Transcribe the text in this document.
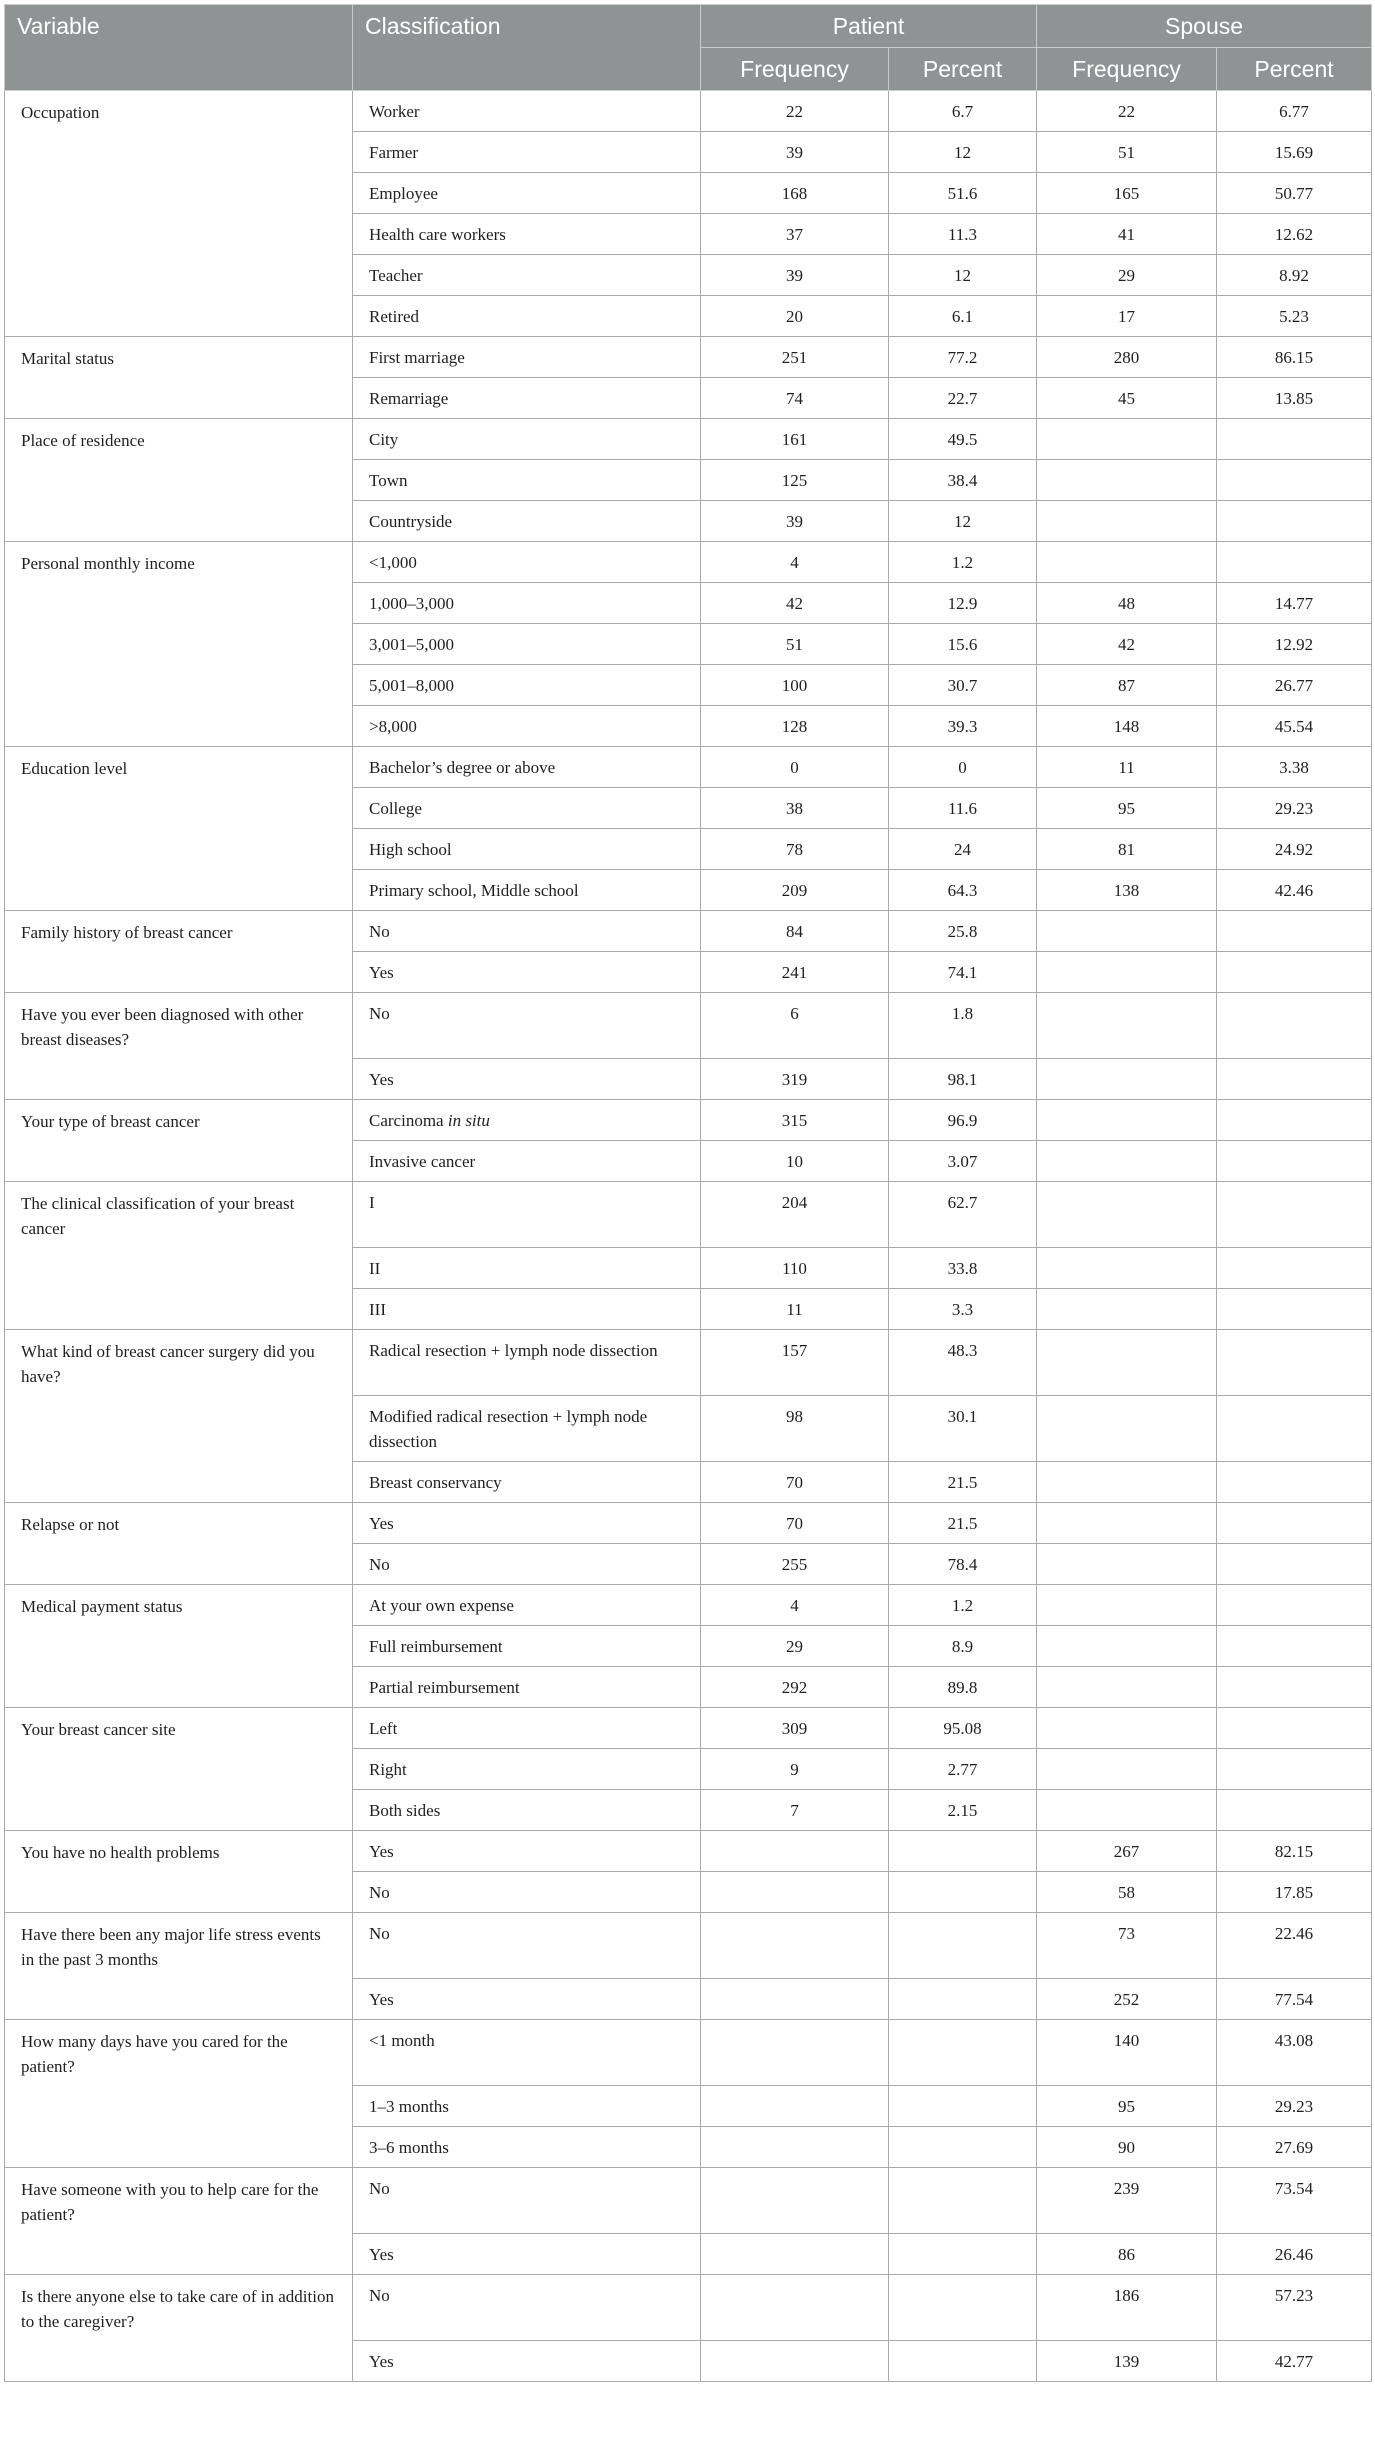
Variable	Classification	Patient		Spouse	
		Frequency	Percent	Frequency	Percent
Occupation	Worker	22	6.7	22	6.77
	Farmer	39	12	51	15.69
	Employee	168	51.6	165	50.77
	Health care workers	37	11.3	41	12.62
	Teacher	39	12	29	8.92
	Retired	20	6.1	17	5.23
Marital status	First marriage	251	77.2	280	86.15
	Remarriage	74	22.7	45	13.85
Place of residence	City	161	49.5		
	Town	125	38.4		
	Countryside	39	12		
Personal monthly income	<1,000	4	1.2		
	1,000–3,000	42	12.9	48	14.77
	3,001–5,000	51	15.6	42	12.92
	5,001–8,000	100	30.7	87	26.77
	>8,000	128	39.3	148	45.54
Education level	Bachelor’s degree or above	0	0	11	3.38
	College	38	11.6	95	29.23
	High school	78	24	81	24.92
	Primary school, Middle school	209	64.3	138	42.46
Family history of breast cancer	No	84	25.8		
	Yes	241	74.1		
Have you ever been diagnosed with other breast diseases?	No	6	1.8		
	Yes	319	98.1		
Your type of breast cancer	Carcinoma in situ	315	96.9		
	Invasive cancer	10	3.07		
The clinical classification of your breast cancer	I	204	62.7		
	II	110	33.8		
	III	11	3.3		
What kind of breast cancer surgery did you have?	Radical resection + lymph node dissection	157	48.3		
	Modified radical resection + lymph node dissection	98	30.1		
	Breast conservancy	70	21.5		
Relapse or not	Yes	70	21.5		
	No	255	78.4		
Medical payment status	At your own expense	4	1.2		
	Full reimbursement	29	8.9		
	Partial reimbursement	292	89.8		
Your breast cancer site	Left	309	95.08		
	Right	9	2.77		
	Both sides	7	2.15		
You have no health problems	Yes			267	82.15
	No			58	17.85
Have there been any major life stress events in the past 3 months	No			73	22.46
	Yes			252	77.54
How many days have you cared for the patient?	<1 month			140	43.08
	1–3 months			95	29.23
	3–6 months			90	27.69
Have someone with you to help care for the patient?	No			239	73.54
	Yes			86	26.46
Is there anyone else to take care of in addition to the caregiver?	No			186	57.23
	Yes			139	42.77
